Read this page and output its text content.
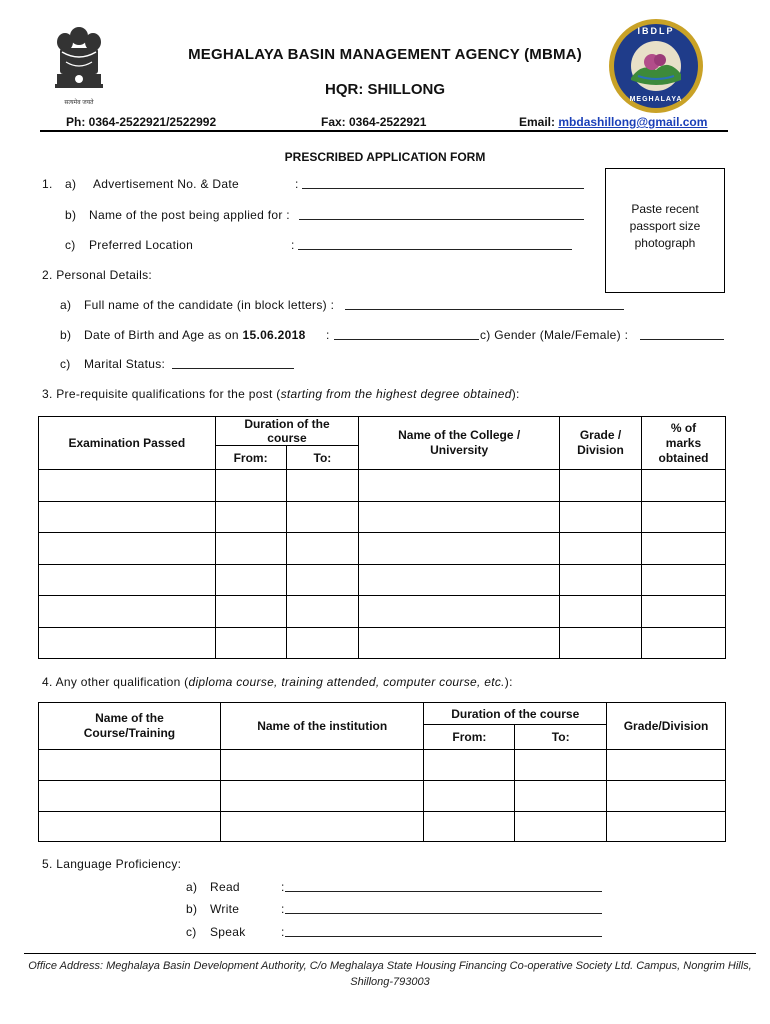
सत्यमेव जयते
IBDLP
MEGHALAYA
MEGHALAYA BASIN MANAGEMENT AGENCY (MBMA)
HQR: SHILLONG
Ph: 0364-2522921/2522992	Fax: 0364-2522921	Email: mbdashillong@gmail.com
PRESCRIBED APPLICATION FORM
Paste recent
passport size
photograph
1. a) Advertisement No. & Date	:
b) Name of the post being applied for :
c) Preferred Location	:
2. Personal Details:
a) Full name of the candidate (in block letters) :
b) Date of Birth and Age as on 15.06.2018 :	c) Gender (Male/Female) :
c) Marital Status:
3. Pre-requisite qualifications for the post (starting from the highest degree obtained):
Examination Passed	Duration of the course		Name of the College / University	Grade / Division	% of marks obtained
	From:	To:			

4. Any other qualification (diploma course, training attended, computer course, etc.):
Name of the Course/Training	Name of the institution	Duration of the course		Grade/Division
		From:	To:	

5. Language Proficiency:
a) Read	:
b) Write	:
c) Speak	:
Office Address: Meghalaya Basin Development Authority, C/o Meghalaya State Housing Financing Co-operative Society Ltd. Campus, Nongrim Hills,
Shillong-793003
